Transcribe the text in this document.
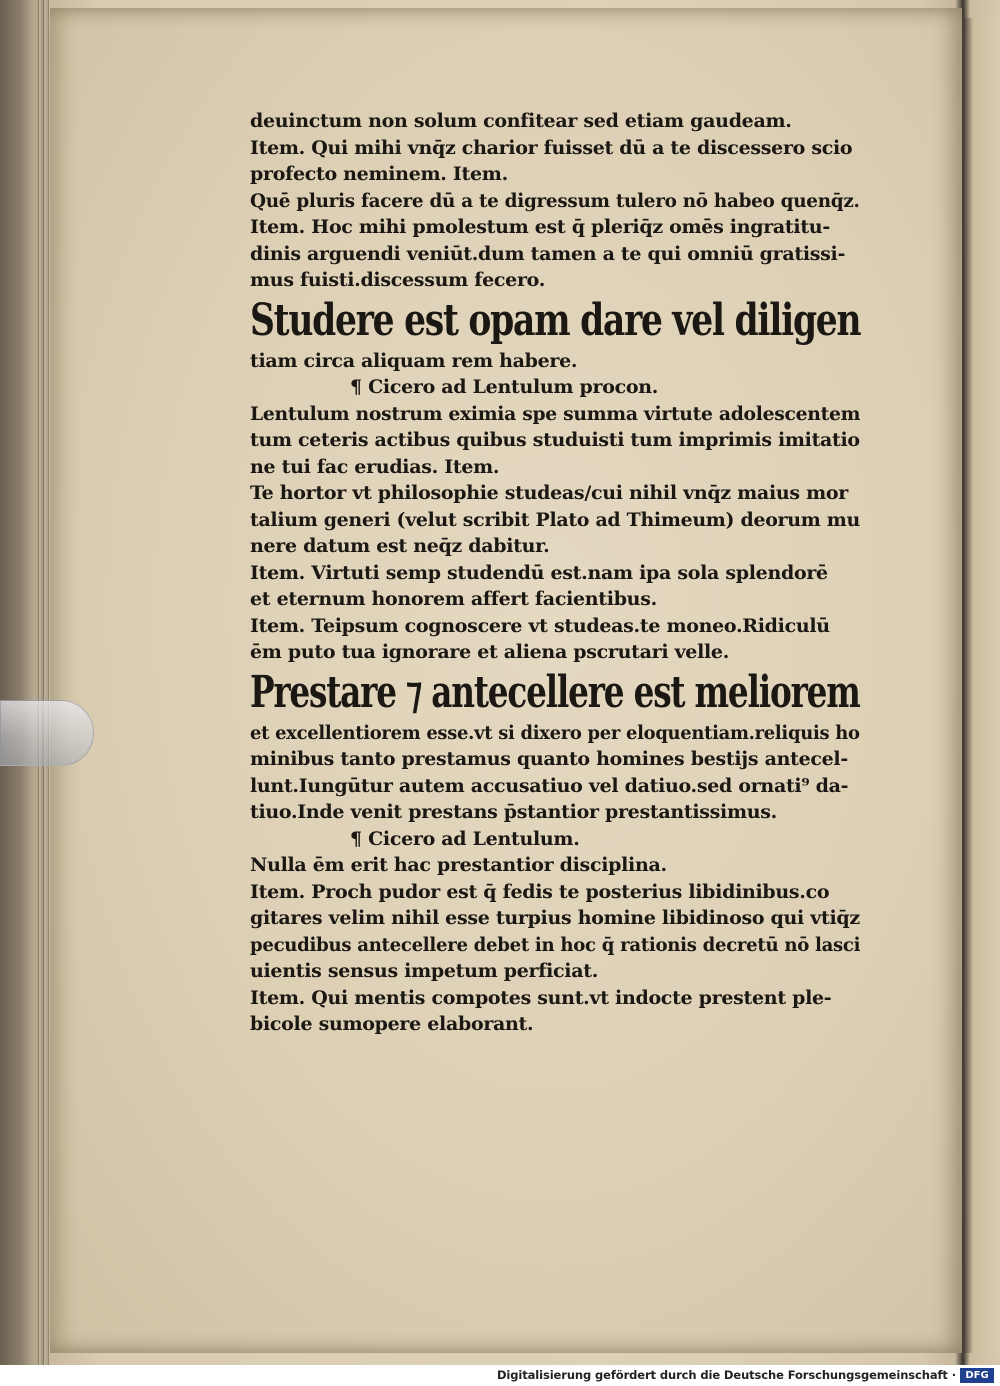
deuinctum non solum confitear sed etiam gaudeam.
Item. Qui mihi vnq̄z charior fuisset dū a te discessero scio
profecto neminem. Item.
Quē pluris facere dū a te digressum tulero nō habeo quenq̄z.
Item. Hoc mihi pmolestum est q̄ pleriq̄z omēs ingratitu-
dinis arguendi veniūt.dum tamen a te qui omniū gratissi-
mus fuisti.discessum fecero.
Studere est opam dare vel diligen
tiam circa aliquam rem habere.
¶ Cicero ad Lentulum procon.
Lentulum nostrum eximia spe summa virtute adolescentem
tum ceteris actibus quibus studuisti tum imprimis imitatio
ne tui fac erudias. Item.
Te hortor vt philosophie studeas/cui nihil vnq̄z maius mor
talium generi (velut scribit Plato ad Thimeum) deorum mu
nere datum est neq̄z dabitur.
Item. Virtuti semp studendū est.nam ipa sola splendorē
et eternum honorem affert facientibus.
Item. Teipsum cognoscere vt studeas.te moneo.Ridiculū
ēm puto tua ignorare et aliena pscrutari velle.
Prestare ⁊ antecellere est meliorem
et excellentiorem esse.vt si dixero per eloquentiam.reliquis ho
minibus tanto prestamus quanto homines bestijs antecel-
lunt.Iungūtur autem accusatiuo vel datiuo.sed ornati⁹ da-
tiuo.Inde venit prestans p̄stantior prestantissimus.
¶ Cicero ad Lentulum.
Nulla ēm erit hac prestantior disciplina.
Item. Proch pudor est q̄ fedis te posterius libidinibus.co
gitares velim nihil esse turpius homine libidinoso qui vtiq̄z
pecudibus antecellere debet in hoc q̄ rationis decretū nō lasci
uientis sensus impetum perficiat.
Item. Qui mentis compotes sunt.vt indocte prestent ple-
bicole sumopere elaborant.
Digitalisierung gefördert durch die Deutsche Forschungsgemeinschaft · DFG
